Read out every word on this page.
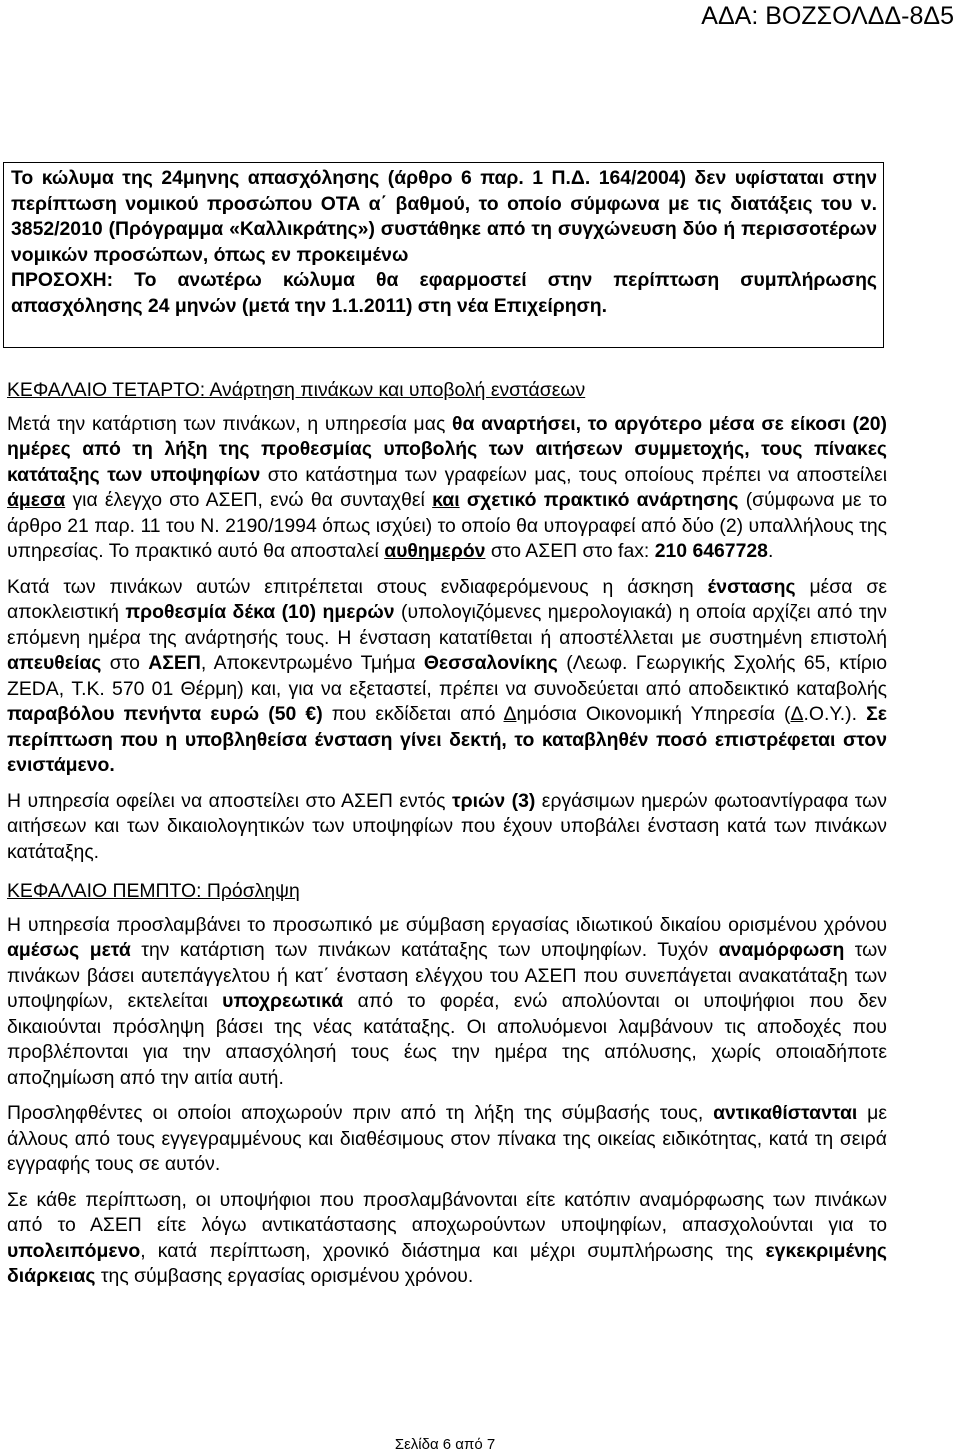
ΑΔΑ: ΒΟΖΣΟΛΔΔ-8Δ5

Το κώλυμα της 24μηνης απασχόλησης (άρθρο 6 παρ. 1 Π.Δ. 164/2004) δεν υφίσταται στην περίπτωση νομικού προσώπου ΟΤΑ α΄ βαθμού, το οποίο σύμφωνα με τις διατάξεις του ν. 3852/2010 (Πρόγραμμα «Καλλικράτης») συστάθηκε από τη συγχώνευση δύο ή περισσοτέρων νομικών προσώπων, όπως εν προκειμένω

ΠΡΟΣΟΧΗ: Το ανωτέρω κώλυμα θα εφαρμοστεί στην περίπτωση συμπλήρωσης απασχόλησης 24 μηνών (μετά την 1.1.2011) στη νέα Επιχείρηση.

ΚΕΦΑΛΑΙΟ ΤΕΤΑΡΤΟ: Ανάρτηση πινάκων και υποβολή ενστάσεων

Μετά την κατάρτιση των πινάκων, η υπηρεσία μας θα αναρτήσει, το αργότερο μέσα σε είκοσι (20) ημέρες από τη λήξη της προθεσμίας υποβολής των αιτήσεων συμμετοχής, τους πίνακες κατάταξης των υποψηφίων στο κατάστημα των γραφείων μας, τους οποίους πρέπει να αποστείλει άμεσα για έλεγχο στο ΑΣΕΠ, ενώ θα συνταχθεί και σχετικό πρακτικό ανάρτησης (σύμφωνα με το άρθρο 21 παρ. 11 του Ν. 2190/1994 όπως ισχύει) το οποίο θα υπογραφεί από δύο (2) υπαλλήλους της υπηρεσίας. Το πρακτικό αυτό θα αποσταλεί αυθημερόν στο ΑΣΕΠ στο fax: 210 6467728.

Κατά των πινάκων αυτών επιτρέπεται στους ενδιαφερόμενους η άσκηση ένστασης μέσα σε αποκλειστική προθεσμία δέκα (10) ημερών (υπολογιζόμενες ημερολογιακά) η οποία αρχίζει από την επόμενη ημέρα της ανάρτησής τους. Η ένσταση κατατίθεται ή αποστέλλεται με συστημένη επιστολή απευθείας στο ΑΣΕΠ, Αποκεντρωμένο Τμήμα Θεσσαλονίκης (Λεωφ. Γεωργικής Σχολής 65, κτίριο ZEDA, Τ.Κ. 570 01 Θέρμη) και, για να εξεταστεί, πρέπει να συνοδεύεται από αποδεικτικό καταβολής παραβόλου πενήντα ευρώ (50 €) που εκδίδεται από Δημόσια Οικονομική Υπηρεσία (Δ.Ο.Υ.). Σε περίπτωση που η υποβληθείσα ένσταση γίνει δεκτή, το καταβληθέν ποσό επιστρέφεται στον ενιστάμενο.

Η υπηρεσία οφείλει να αποστείλει στο ΑΣΕΠ εντός τριών (3) εργάσιμων ημερών φωτοαντίγραφα των αιτήσεων και των δικαιολογητικών των υποψηφίων που έχουν υποβάλει ένσταση κατά των πινάκων κατάταξης.

ΚΕΦΑΛΑΙΟ ΠΕΜΠΤΟ: Πρόσληψη

Η υπηρεσία προσλαμβάνει το προσωπικό με σύμβαση εργασίας ιδιωτικού δικαίου ορισμένου χρόνου αμέσως μετά την κατάρτιση των πινάκων κατάταξης των υποψηφίων. Τυχόν αναμόρφωση των πινάκων βάσει αυτεπάγγελτου ή κατ΄ ένσταση ελέγχου του ΑΣΕΠ που συνεπάγεται ανακατάταξη των υποψηφίων, εκτελείται υποχρεωτικά από το φορέα, ενώ απολύονται οι υποψήφιοι που δεν δικαιούνται πρόσληψη βάσει της νέας κατάταξης. Οι απολυόμενοι λαμβάνουν τις αποδοχές που προβλέπονται για την απασχόλησή τους έως την ημέρα της απόλυσης, χωρίς οποιαδήποτε αποζημίωση από την αιτία αυτή.

Προσληφθέντες οι οποίοι αποχωρούν πριν από τη λήξη της σύμβασής τους, αντικαθίστανται με άλλους από τους εγγεγραμμένους και διαθέσιμους στον πίνακα της οικείας ειδικότητας, κατά τη σειρά εγγραφής τους σε αυτόν.

Σε κάθε περίπτωση, οι υποψήφιοι που προσλαμβάνονται είτε κατόπιν αναμόρφωσης των πινάκων από το ΑΣΕΠ είτε λόγω αντικατάστασης αποχωρούντων υποψηφίων, απασχολούνται για το υπολειπόμενο, κατά περίπτωση, χρονικό διάστημα και μέχρι συμπλήρωσης της εγκεκριμένης διάρκειας της σύμβασης εργασίας ορισμένου χρόνου.

Σελίδα 6 από 7
